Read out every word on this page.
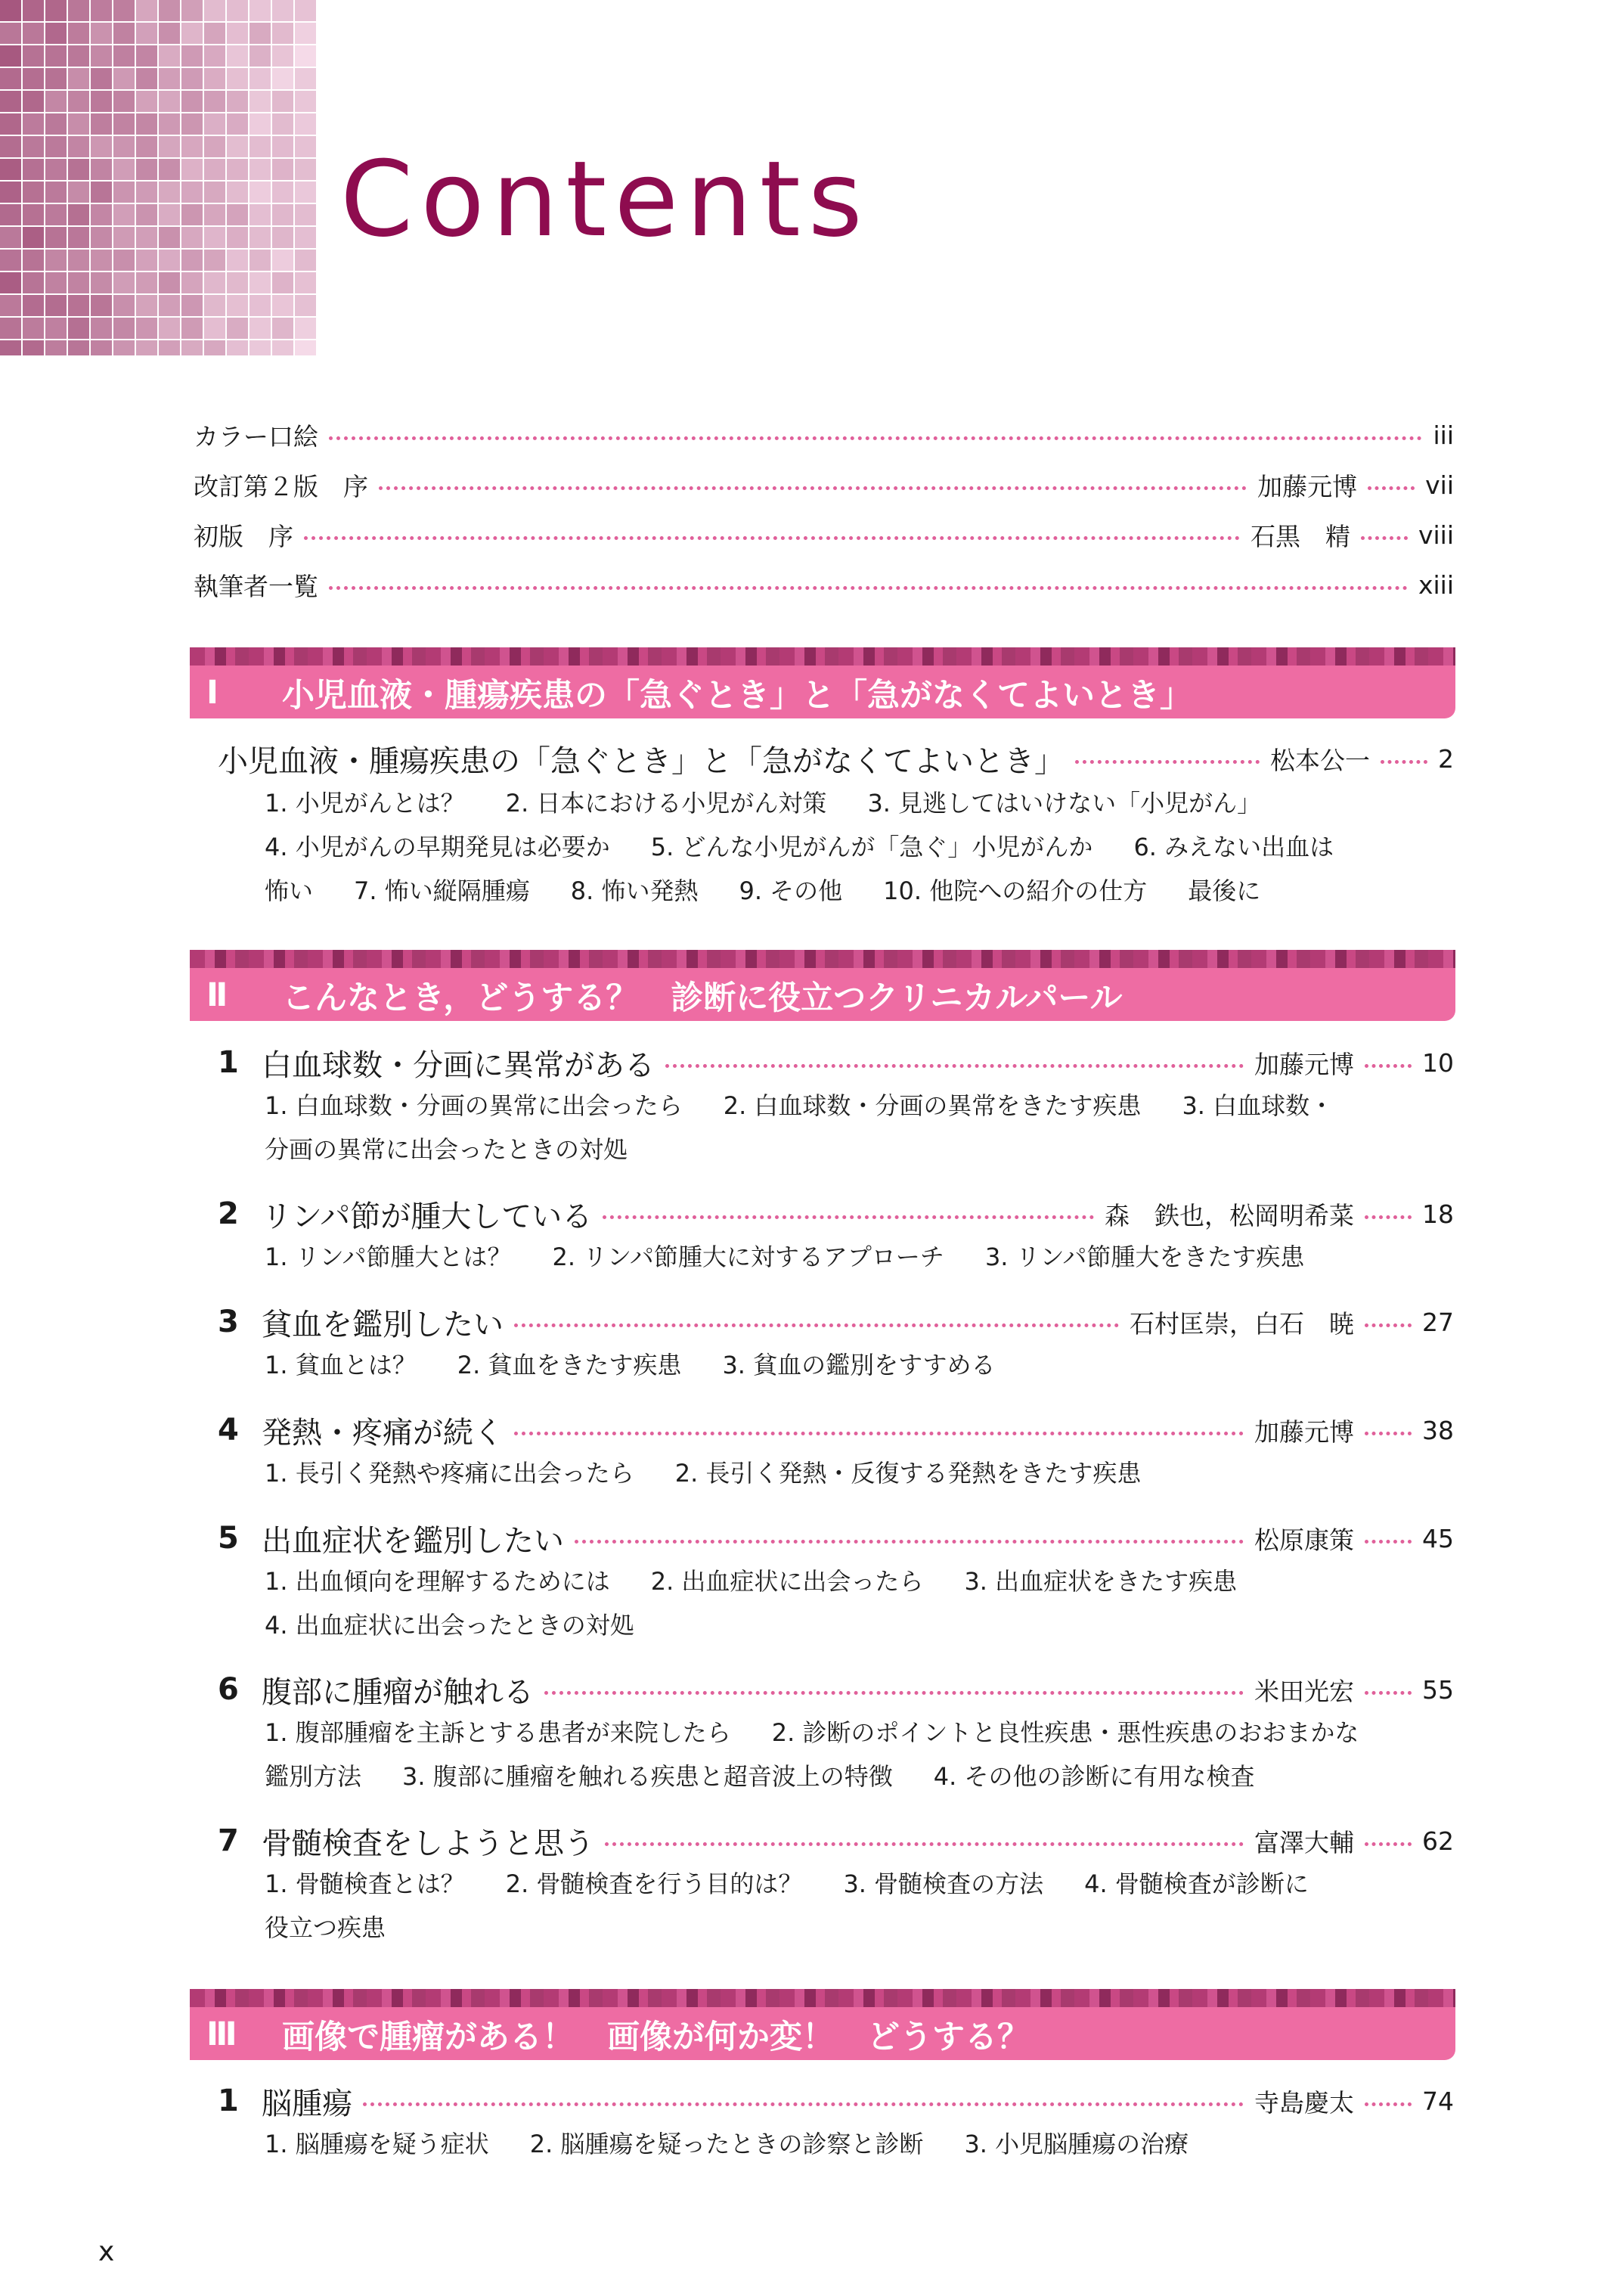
Contents
カラー口絵	iii
改訂第２版　序	加藤元博	vii
初版　序	石黒　精	viii
執筆者一覧	xiii
Ⅰ	小児血液・腫瘍疾患の「急ぐとき」と「急がなくてよいとき」
小児血液・腫瘍疾患の「急ぐとき」と「急がなくてよいとき」	松本公一	2
1. 小児がんとは？ 2. 日本における小児がん対策 3. 見逃してはいけない「小児がん」
4. 小児がんの早期発見は必要か 5. どんな小児がんが「急ぐ」小児がんか 6. みえない出血は
怖い 7. 怖い縦隔腫瘍 8. 怖い発熱 9. その他 10. 他院への紹介の仕方 最後に
Ⅱ	こんなとき，どうする？　診断に役立つクリニカルパール
1 白血球数・分画に異常がある	加藤元博	10
1. 白血球数・分画の異常に出会ったら 2. 白血球数・分画の異常をきたす疾患 3. 白血球数・
分画の異常に出会ったときの対処
2 リンパ節が腫大している	森　鉄也，松岡明希菜	18
1. リンパ節腫大とは？ 2. リンパ節腫大に対するアプローチ 3. リンパ節腫大をきたす疾患
3 貧血を鑑別したい	石村匡崇，白石　暁	27
1. 貧血とは？ 2. 貧血をきたす疾患 3. 貧血の鑑別をすすめる
4 発熱・疼痛が続く	加藤元博	38
1. 長引く発熱や疼痛に出会ったら 2. 長引く発熱・反復する発熱をきたす疾患
5 出血症状を鑑別したい	松原康策	45
1. 出血傾向を理解するためには 2. 出血症状に出会ったら 3. 出血症状をきたす疾患
4. 出血症状に出会ったときの対処
6 腹部に腫瘤が触れる	米田光宏	55
1. 腹部腫瘤を主訴とする患者が来院したら 2. 診断のポイントと良性疾患・悪性疾患のおおまかな
鑑別方法 3. 腹部に腫瘤を触れる疾患と超音波上の特徴 4. その他の診断に有用な検査
7 骨髄検査をしようと思う	富澤大輔	62
1. 骨髄検査とは？ 2. 骨髄検査を行う目的は？ 3. 骨髄検査の方法 4. 骨髄検査が診断に
役立つ疾患
Ⅲ	画像で腫瘤がある！　画像が何か変！　どうする？
1 脳腫瘍	寺島慶太	74
1. 脳腫瘍を疑う症状 2. 脳腫瘍を疑ったときの診察と診断 3. 小児脳腫瘍の治療
x
